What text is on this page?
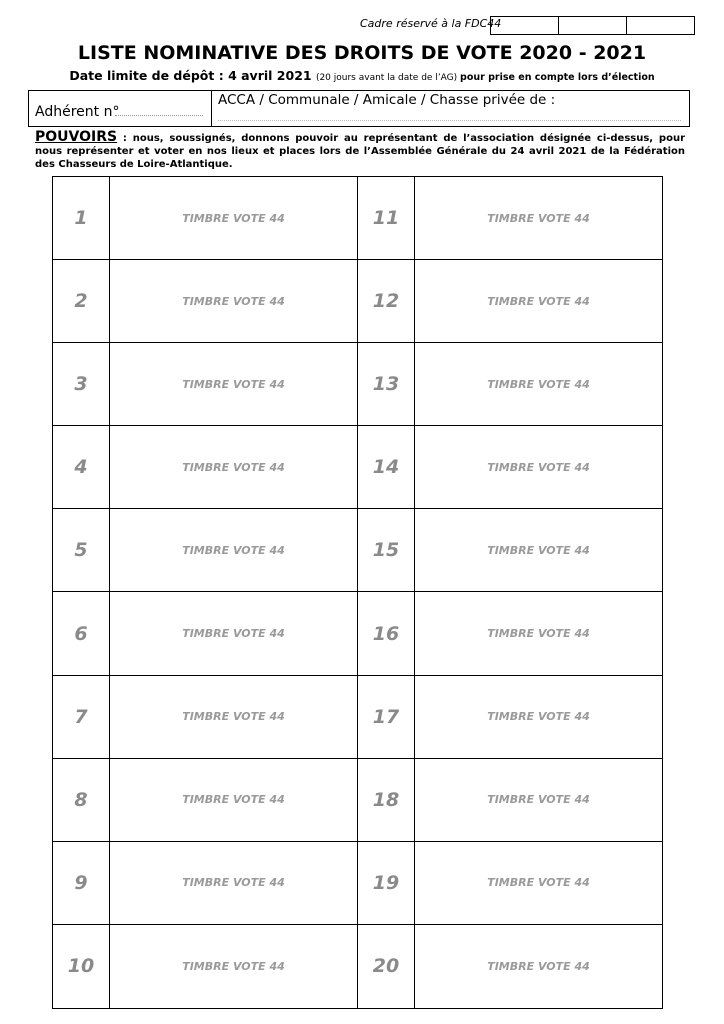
Cadre réservé à la FDC44
LISTE NOMINATIVE DES DROITS DE VOTE 2020 - 2021
Date limite de dépôt : 4 avril 2021 (20 jours avant la date de l’AG) pour prise en compte lors d’élection
Adhérent n°
ACCA / Communale / Amicale / Chasse privée de :
POUVOIRS : nous, soussignés, donnons pouvoir au représentant de l’association désignée ci-dessus, pour nous représenter et voter en nos lieux et places lors de l’Assemblée Générale du 24 avril 2021 de la Fédération des Chasseurs de Loire-Atlantique.
1	TIMBRE VOTE 44	11	TIMBRE VOTE 44
2	TIMBRE VOTE 44	12	TIMBRE VOTE 44
3	TIMBRE VOTE 44	13	TIMBRE VOTE 44
4	TIMBRE VOTE 44	14	TIMBRE VOTE 44
5	TIMBRE VOTE 44	15	TIMBRE VOTE 44
6	TIMBRE VOTE 44	16	TIMBRE VOTE 44
7	TIMBRE VOTE 44	17	TIMBRE VOTE 44
8	TIMBRE VOTE 44	18	TIMBRE VOTE 44
9	TIMBRE VOTE 44	19	TIMBRE VOTE 44
10	TIMBRE VOTE 44	20	TIMBRE VOTE 44
